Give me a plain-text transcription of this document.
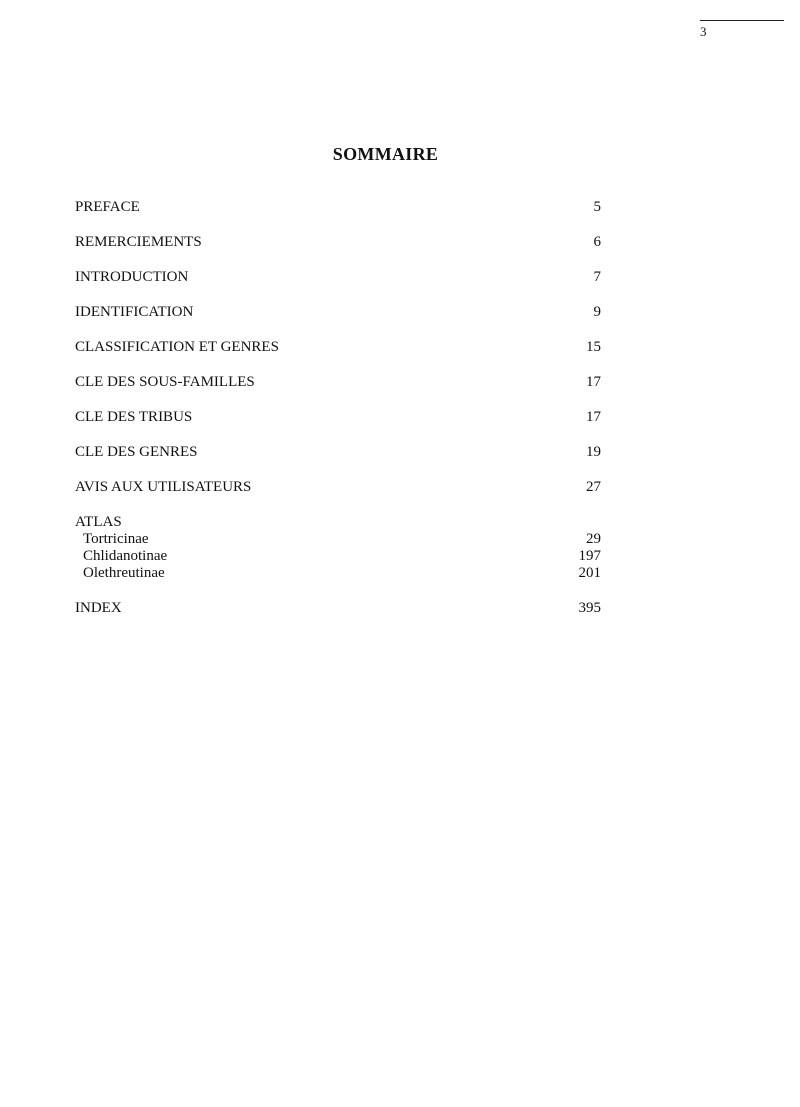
3
SOMMAIRE
PREFACE	5
REMERCIEMENTS	6
INTRODUCTION	7
IDENTIFICATION	9
CLASSIFICATION ET GENRES	15
CLE DES SOUS-FAMILLES	17
CLE DES TRIBUS	17
CLE DES GENRES	19
AVIS AUX UTILISATEURS	27
ATLAS
Tortricinae	29
Chlidanotinae	197
Olethreutinae	201
INDEX	395
